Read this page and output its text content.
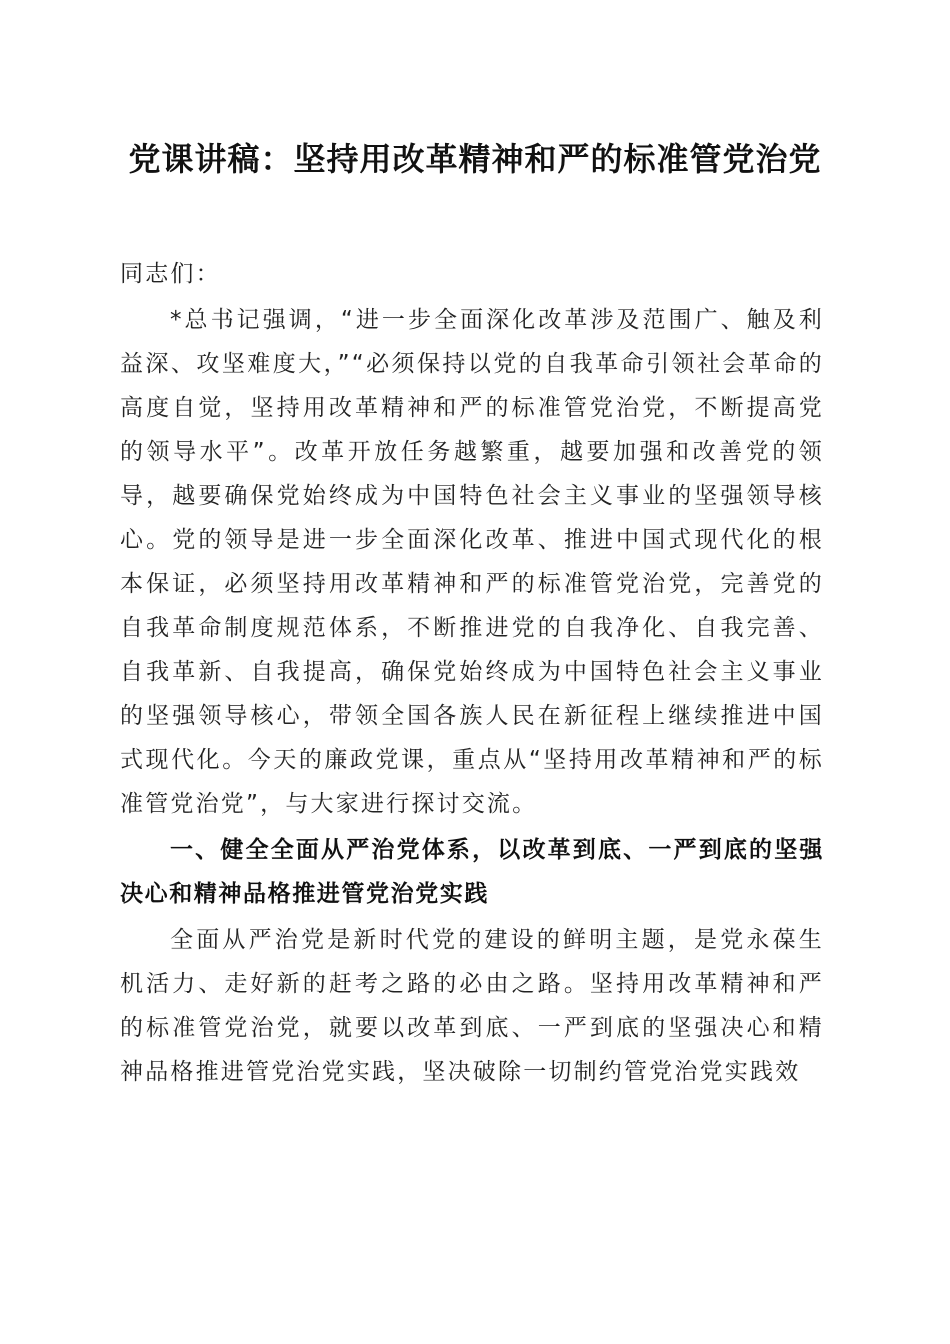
党课讲稿：坚持用改革精神和严的标准管党治党

同志们：

*总书记强调，“进一步全面深化改革涉及范围广、触及利益深、攻坚难度大，”“必须保持以党的自我革命引领社会革命的高度自觉，坚持用改革精神和严的标准管党治党，不断提高党的领导水平”。改革开放任务越繁重，越要加强和改善党的领导，越要确保党始终成为中国特色社会主义事业的坚强领导核心。党的领导是进一步全面深化改革、推进中国式现代化的根本保证，必须坚持用改革精神和严的标准管党治党，完善党的自我革命制度规范体系，不断推进党的自我净化、自我完善、自我革新、自我提高，确保党始终成为中国特色社会主义事业的坚强领导核心，带领全国各族人民在新征程上继续推进中国式现代化。今天的廉政党课，重点从“坚持用改革精神和严的标准管党治党”，与大家进行探讨交流。

一、健全全面从严治党体系，以改革到底、一严到底的坚强决心和精神品格推进管党治党实践

全面从严治党是新时代党的建设的鲜明主题，是党永葆生机活力、走好新的赶考之路的必由之路。坚持用改革精神和严的标准管党治党，就要以改革到底、一严到底的坚强决心和精神品格推进管党治党实践，坚决破除一切制约管党治党实践效
